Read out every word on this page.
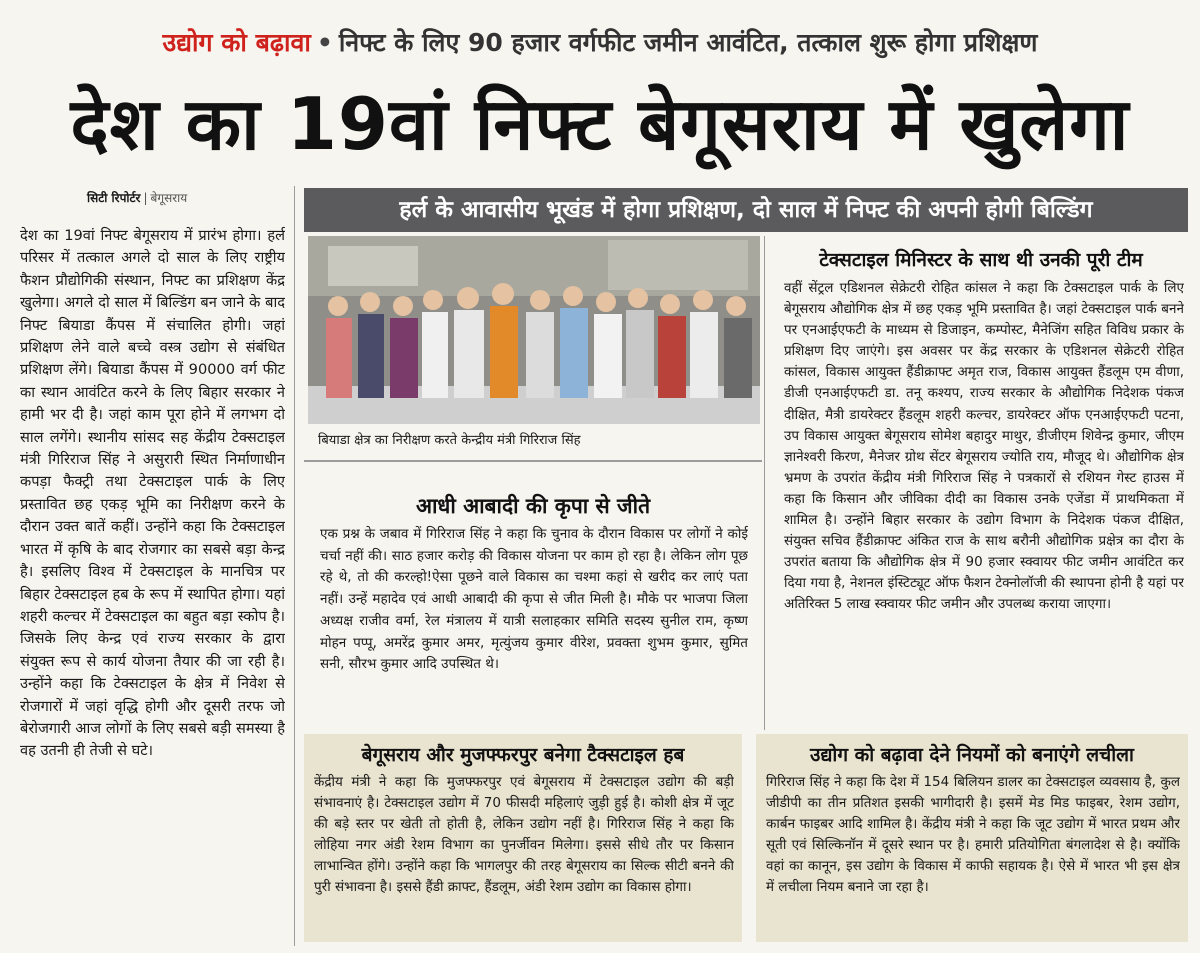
उद्योग को बढ़ावा • निफ्ट के लिए 90 हजार वर्गफीट जमीन आवंटित, तत्काल शुरू होगा प्रशिक्षण
देश का 19वां निफ्ट बेगूसराय में खुलेगा
सिटी रिपोर्टर | बेगूसराय

देश का 19वां निफ्ट बेगूसराय में प्रारंभ होगा। हर्ल परिसर में तत्काल अगले दो साल के लिए राष्ट्रीय फैशन प्रौद्योगिकी संस्थान, निफ्ट का प्रशिक्षण केंद्र खुलेगा। अगले दो साल में बिल्डिंग बन जाने के बाद निफ्ट बियाडा कैंपस में संचालित होगी। जहां प्रशिक्षण लेने वाले बच्चे वस्त्र उद्योग से संबंधित प्रशिक्षण लेंगे। बियाडा कैंपस में 90000 वर्ग फीट का स्थान आवंटित करने के लिए बिहार सरकार ने हामी भर दी है। जहां काम पूरा होने में लगभग दो साल लगेंगे। स्थानीय सांसद सह केंद्रीय टेक्सटाइल मंत्री गिरिराज सिंह ने असुरारी स्थित निर्माणाधीन कपड़ा फैक्ट्री तथा टेक्सटाइल पार्क के लिए प्रस्तावित छह एकड़ भूमि का निरीक्षण करने के दौरान उक्त बातें कहीं। उन्होंने कहा कि टेक्सटाइल भारत में कृषि के बाद रोजगार का सबसे बड़ा केन्द्र है। इसलिए विश्व में टेक्सटाइल के मानचित्र पर बिहार टेक्सटाइल हब के रूप में स्थापित होगा। यहां शहरी कल्चर में टेक्सटाइल का बहुत बड़ा स्कोप है। जिसके लिए केन्द्र एवं राज्य सरकार के द्वारा संयुक्त रूप से कार्य योजना तैयार की जा रही है। उन्होंने कहा कि टेक्सटाइल के क्षेत्र में निवेश से रोजगारों में जहां वृद्धि होगी और दूसरी तरफ जो बेरोजगारी आज लोगों के लिए सबसे बड़ी समस्या है वह उतनी ही तेजी से घटे।

हर्ल के आवासीय भूखंड में होगा प्रशिक्षण, दो साल में निफ्ट की अपनी होगी बिल्डिंग
बियाडा क्षेत्र का निरीक्षण करते केन्द्रीय मंत्री गिरिराज सिंह
आधी आबादी की कृपा से जीते

एक प्रश्न के जबाव में गिरिराज सिंह ने कहा कि चुनाव के दौरान विकास पर लोगों ने कोई चर्चा नहीं की। साठ हजार करोड़ की विकास योजना पर काम हो रहा है। लेकिन लोग पूछ रहे थे, तो की करल्हो!ऐसा पूछने वाले विकास का चश्मा कहां से खरीद कर लाएं पता नहीं। उन्हें महादेव एवं आधी आबादी की कृपा से जीत मिली है। मौके पर भाजपा जिला अध्यक्ष राजीव वर्मा, रेल मंत्रालय में यात्री सलाहकार समिति सदस्य सुनील राम, कृष्ण मोहन पप्पू, अमरेंद्र कुमार अमर, मृत्युंजय कुमार वीरेश, प्रवक्ता शुभम कुमार, सुमित सनी, सौरभ कुमार आदि उपस्थित थे।

टेक्सटाइल मिनिस्टर के साथ थी उनकी पूरी टीम

वहीं सेंट्रल एडिशनल सेक्रेटरी रोहित कांसल ने कहा कि टेक्सटाइल पार्क के लिए बेगूसराय औद्योगिक क्षेत्र में छह एकड़ भूमि प्रस्तावित है। जहां टेक्सटाइल पार्क बनने पर एनआईएफटी के माध्यम से डिजाइन, कम्पोस्ट, मैनेजिंग सहित विविध प्रकार के प्रशिक्षण दिए जाएंगे। इस अवसर पर केंद्र सरकार के एडिशनल सेक्रेटरी रोहित कांसल, विकास आयुक्त हैंडीक्राफ्ट अमृत राज, विकास आयुक्त हैंडलूम एम वीणा, डीजी एनआईएफटी डा. तनू कश्यप, राज्य सरकार के औद्योगिक निदेशक पंकज दीक्षित, मैत्री डायरेक्टर हैंडलूम शहरी कल्चर, डायरेक्टर ऑफ एनआईएफटी पटना, उप विकास आयुक्त बेगूसराय सोमेश बहादुर माथुर, डीजीएम शिवेन्द्र कुमार, जीएम ज्ञानेश्वरी किरण, मैनेजर ग्रोथ सेंटर बेगूसराय ज्योति राय, मौजूद थे। औद्योगिक क्षेत्र भ्रमण के उपरांत केंद्रीय मंत्री गिरिराज सिंह ने पत्रकारों से रशियन गेस्ट हाउस में कहा कि किसान और जीविका दीदी का विकास उनके एजेंडा में प्राथमिकता में शामिल है। उन्होंने बिहार सरकार के उद्योग विभाग के निदेशक पंकज दीक्षित, संयुक्त सचिव हैंडीक्राफ्ट अंकित राज के साथ बरौनी औद्योगिक प्रक्षेत्र का दौरा के उपरांत बताया कि औद्योगिक क्षेत्र में 90 हजार स्क्वायर फीट जमीन आवंटित कर दिया गया है, नेशनल इंस्टिट्यूट ऑफ फैशन टेक्नोलॉजी की स्थापना होनी है यहां पर अतिरिक्त 5 लाख स्क्वायर फीट जमीन और उपलब्ध कराया जाएगा।

बेगूसराय और मुजफ्फरपुर बनेगा टैक्सटाइल हब

केंद्रीय मंत्री ने कहा कि मुजफ्फरपुर एवं बेगूसराय में टेक्सटाइल उद्योग की बड़ी संभावनाएं है। टेक्सटाइल उद्योग में 70 फीसदी महिलाएं जुड़ी हुई है। कोशी क्षेत्र में जूट की बड़े स्तर पर खेती तो होती है, लेकिन उद्योग नहीं है। गिरिराज सिंह ने कहा कि लोहिया नगर अंडी रेशम विभाग का पुनर्जीवन मिलेगा। इससे सीधे तौर पर किसान लाभान्वित होंगे। उन्होंने कहा कि भागलपुर की तरह बेगूसराय का सिल्क सीटी बनने की पुरी संभावना है। इससे हैंडी क्राफ्ट, हैंडलूम, अंडी रेशम उद्योग का विकास होगा।

उद्योग को बढ़ावा देने नियमों को बनाएंगे लचीला

गिरिराज सिंह ने कहा कि देश में 154 बिलियन डालर का टेक्सटाइल व्यवसाय है, कुल जीडीपी का तीन प्रतिशत इसकी भागीदारी है। इसमें मेड मिड फाइबर, रेशम उद्योग, कार्बन फाइबर आदि शामिल है। केंद्रीय मंत्री ने कहा कि जूट उद्योग में भारत प्रथम और सूती एवं सिल्किनॉन में दूसरे स्थान पर है। हमारी प्रतियोगिता बंगलादेश से है। क्योंकि वहां का कानून, इस उद्योग के विकास में काफी सहायक है। ऐसे में भारत भी इस क्षेत्र में लचीला नियम बनाने जा रहा है।
